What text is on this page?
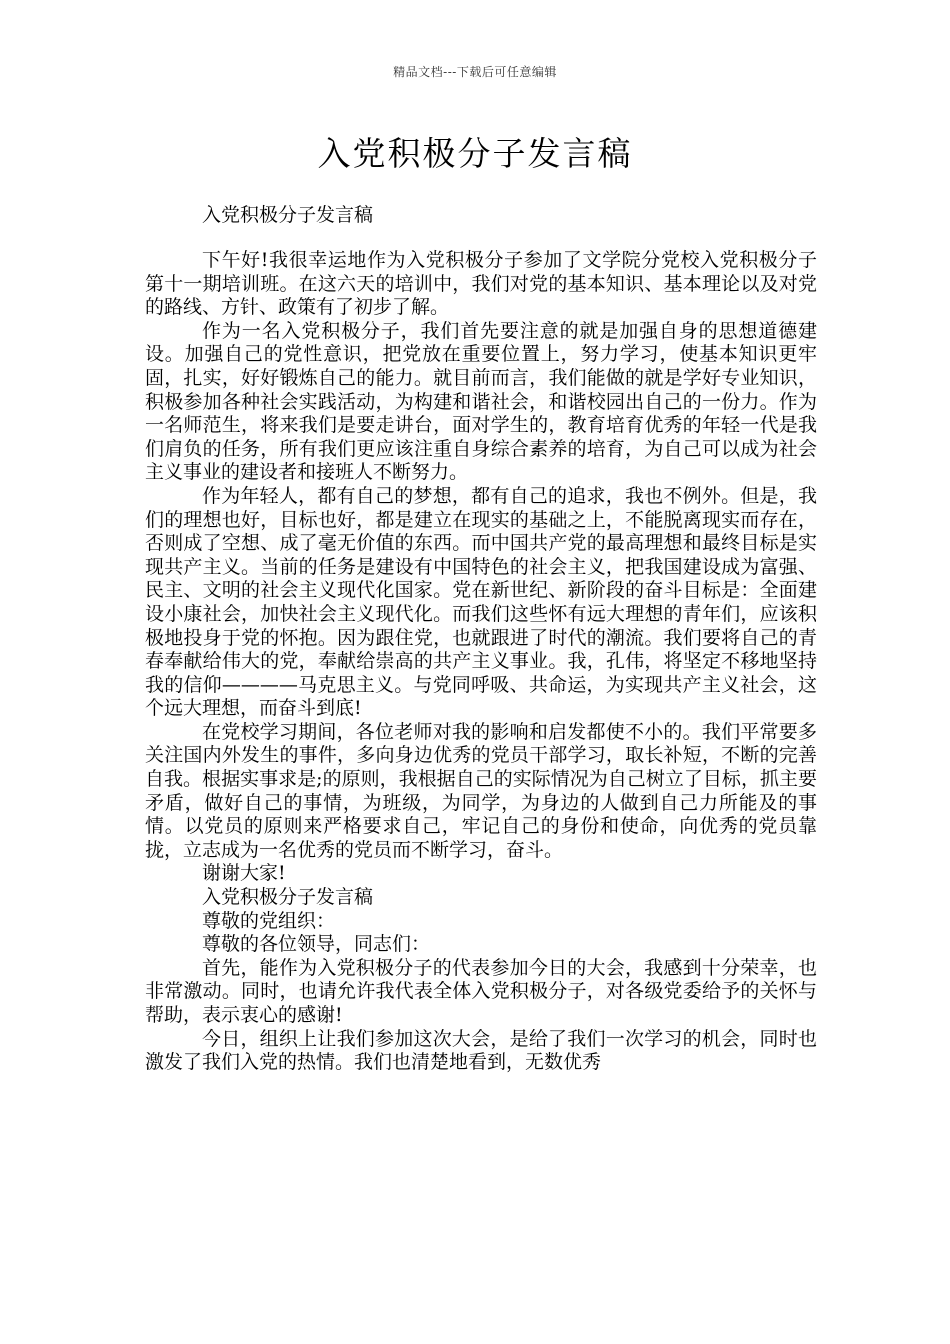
精品文档---下载后可任意编辑
入党积极分子发言稿

入党积极分子发言稿

下午好!我很幸运地作为入党积极分子参加了文学院分党校入党积极分子第十一期培训班。在这六天的培训中，我们对党的基本知识、基本理论以及对党的路线、方针、政策有了初步了解。

作为一名入党积极分子，我们首先要注意的就是加强自身的思想道德建设。加强自己的党性意识，把党放在重要位置上，努力学习，使基本知识更牢固，扎实，好好锻炼自己的能力。就目前而言，我们能做的就是学好专业知识，积极参加各种社会实践活动，为构建和谐社会，和谐校园出自己的一份力。作为一名师范生，将来我们是要走讲台，面对学生的，教育培育优秀的年轻一代是我们肩负的任务，所有我们更应该注重自身综合素养的培育，为自己可以成为社会主义事业的建设者和接班人不断努力。

作为年轻人，都有自己的梦想，都有自己的追求，我也不例外。但是，我们的理想也好，目标也好，都是建立在现实的基础之上，不能脱离现实而存在，否则成了空想、成了毫无价值的东西。而中国共产党的最高理想和最终目标是实现共产主义。当前的任务是建设有中国特色的社会主义，把我国建设成为富强、民主、文明的社会主义现代化国家。党在新世纪、新阶段的奋斗目标是：全面建设小康社会，加快社会主义现代化。而我们这些怀有远大理想的青年们，应该积极地投身于党的怀抱。因为跟住党，也就跟进了时代的潮流。我们要将自己的青春奉献给伟大的党，奉献给崇高的共产主义事业。我，孔伟，将坚定不移地坚持我的信仰————马克思主义。与党同呼吸、共命运，为实现共产主义社会，这个远大理想，而奋斗到底!

在党校学习期间，各位老师对我的影响和启发都使不小的。我们平常要多关注国内外发生的事件，多向身边优秀的党员干部学习，取长补短，不断的完善自我。根据实事求是;的原则，我根据自己的实际情况为自己树立了目标，抓主要矛盾，做好自己的事情，为班级，为同学，为身边的人做到自己力所能及的事情。以党员的原则来严格要求自己，牢记自己的身份和使命，向优秀的党员靠拢，立志成为一名优秀的党员而不断学习，奋斗。

谢谢大家!

入党积极分子发言稿

尊敬的党组织：

尊敬的各位领导，同志们：

首先，能作为入党积极分子的代表参加今日的大会，我感到十分荣幸，也非常激动。同时，也请允许我代表全体入党积极分子，对各级党委给予的关怀与帮助，表示衷心的感谢!

今日，组织上让我们参加这次大会，是给了我们一次学习的机会，同时也激发了我们入党的热情。我们也清楚地看到，无数优秀
